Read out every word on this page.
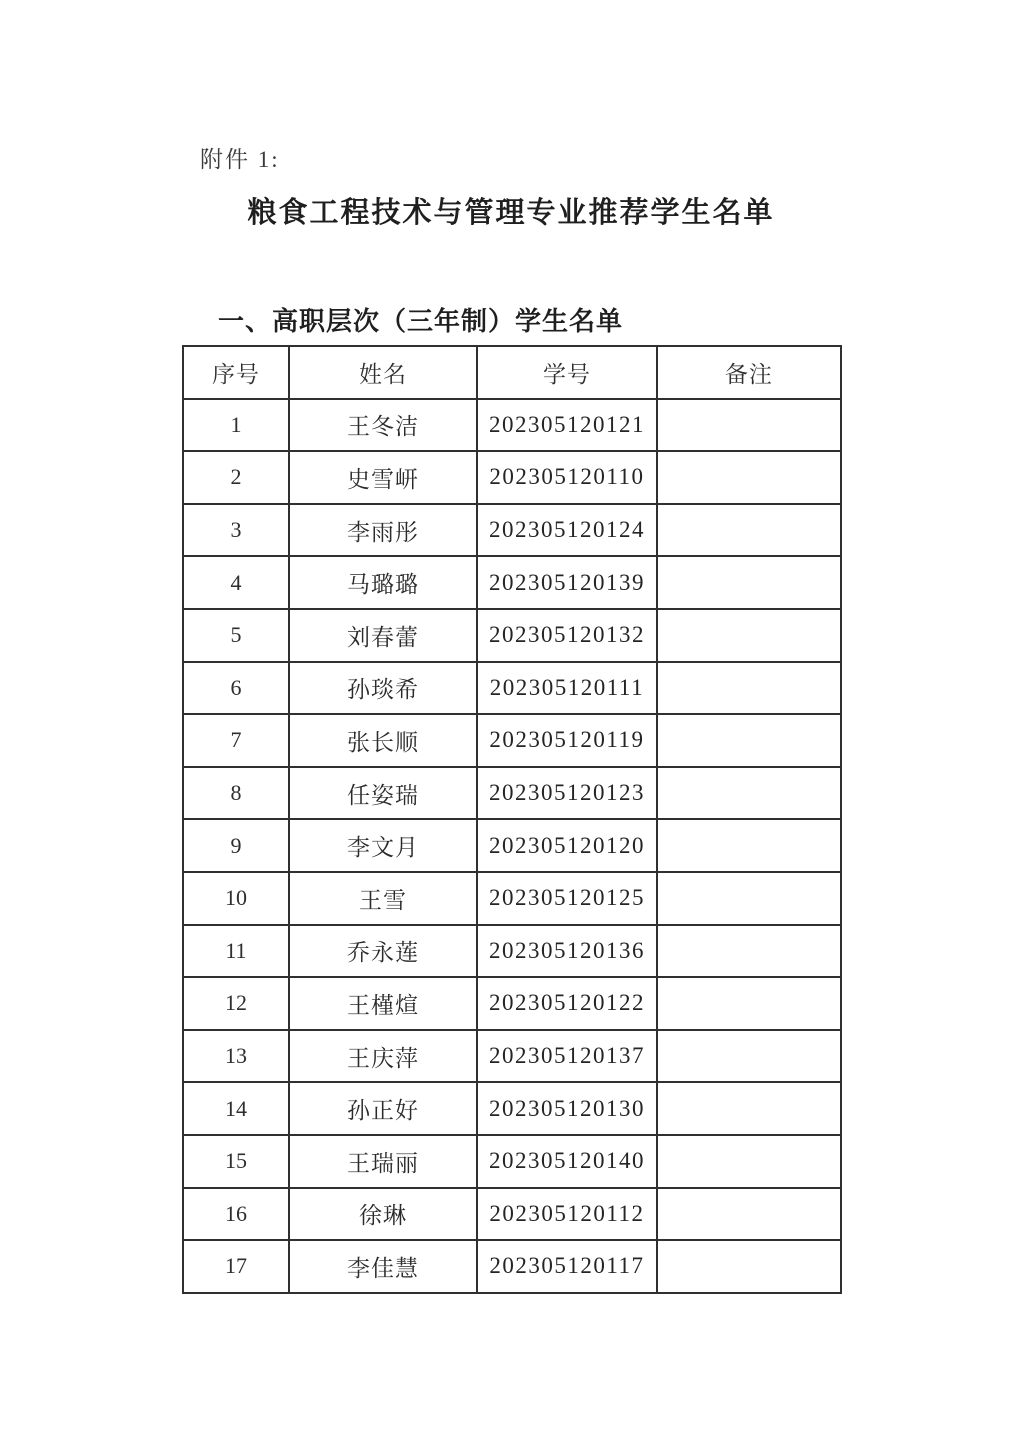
附件 1:
粮食工程技术与管理专业推荐学生名单
一、高职层次（三年制）学生名单
序号	姓名	学号	备注
1	王冬洁	202305120121	
2	史雪岍	202305120110	
3	李雨彤	202305120124	
4	马璐璐	202305120139	
5	刘春蕾	202305120132	
6	孙琰希	202305120111	
7	张长顺	202305120119	
8	任姿瑞	202305120123	
9	李文月	202305120120	
10	王雪	202305120125	
11	乔永莲	202305120136	
12	王槿煊	202305120122	
13	王庆萍	202305120137	
14	孙正好	202305120130	
15	王瑞丽	202305120140	
16	徐琳	202305120112	
17	李佳慧	202305120117	
